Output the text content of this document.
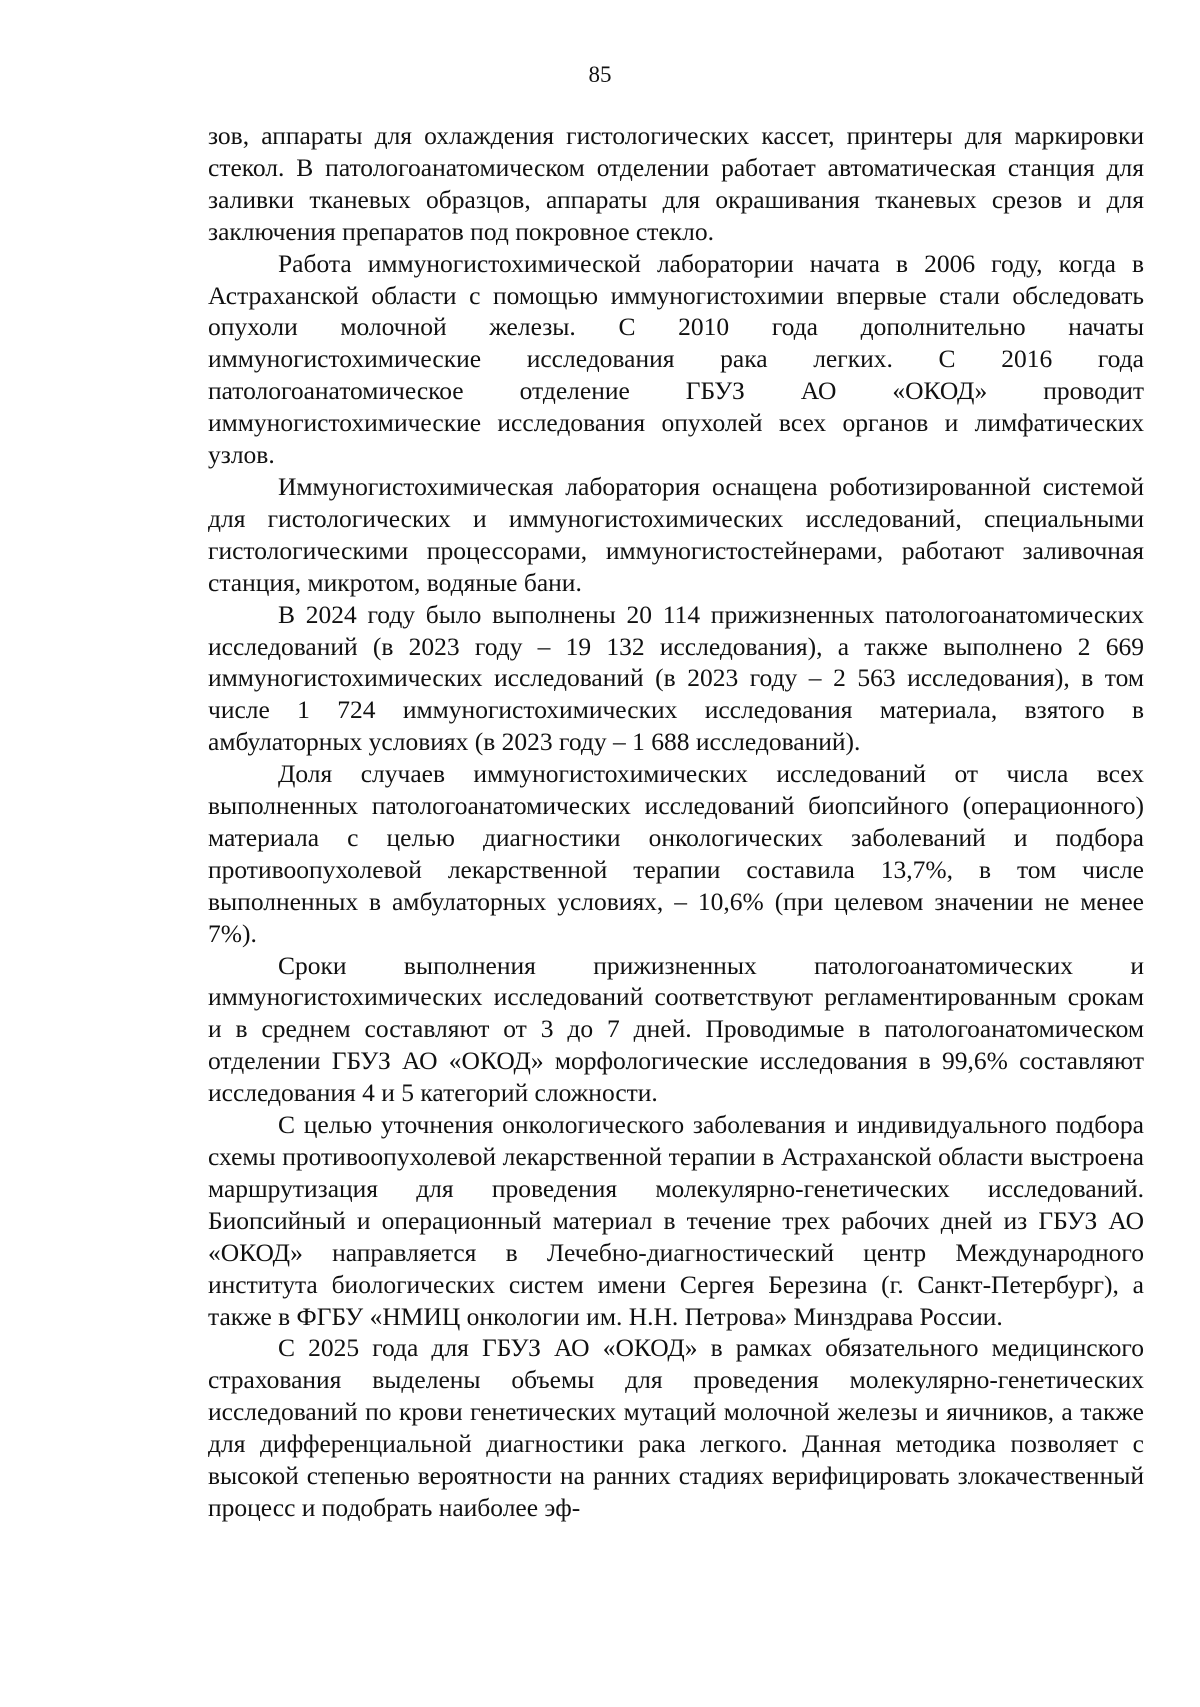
85

зов, аппараты для охлаждения гистологических кассет, принтеры для маркировки стекол. В патологоанатомическом отделении работает автоматическая станция для заливки тканевых образцов, аппараты для окрашивания тканевых срезов и для заключения препаратов под покровное стекло.

Работа иммуногистохимической лаборатории начата в 2006 году, когда в Астраханской области с помощью иммуногистохимии впервые стали обследовать опухоли молочной железы. С 2010 года дополнительно начаты иммуногистохимические исследования рака легких. С 2016 года патологоанатомическое отделение ГБУЗ АО «ОКОД» проводит иммуногистохимические исследования опухолей всех органов и лимфатических узлов.

Иммуногистохимическая лаборатория оснащена роботизированной системой для гистологических и иммуногистохимических исследований, специальными гистологическими процессорами, иммуногистостейнерами, работают заливочная станция, микротом, водяные бани.

В 2024 году было выполнены 20 114 прижизненных патологоанатомических исследований (в 2023 году – 19 132 исследования), а также выполнено 2 669 иммуногистохимических исследований (в 2023 году – 2 563 исследования), в том числе 1 724 иммуногистохимических исследования материала, взятого в амбулаторных условиях (в 2023 году – 1 688 исследований).

Доля случаев иммуногистохимических исследований от числа всех выполненных патологоанатомических исследований биопсийного (операционного) материала с целью диагностики онкологических заболеваний и подбора противоопухолевой лекарственной терапии составила 13,7%, в том числе выполненных в амбулаторных условиях, – 10,6% (при целевом значении не менее 7%).

Сроки выполнения прижизненных патологоанатомических и иммуногистохимических исследований соответствуют регламентированным срокам и в среднем составляют от 3 до 7 дней. Проводимые в патологоанатомическом отделении ГБУЗ АО «ОКОД» морфологические исследования в 99,6% составляют исследования 4 и 5 категорий сложности.

С целью уточнения онкологического заболевания и индивидуального подбора схемы противоопухолевой лекарственной терапии в Астраханской области выстроена маршрутизация для проведения молекулярно-генетических исследований. Биопсийный и операционный материал в течение трех рабочих дней из ГБУЗ АО «ОКОД» направляется в Лечебно-диагностический центр Международного института биологических систем имени Сергея Березина (г. Санкт-Петербург), а также в ФГБУ «НМИЦ онкологии им. Н.Н. Петрова» Минздрава России.

С 2025 года для ГБУЗ АО «ОКОД» в рамках обязательного медицинского страхования выделены объемы для проведения молекулярно-генетических исследований по крови генетических мутаций молочной железы и яичников, а также для дифференциальной диагностики рака легкого. Данная методика позволяет с высокой степенью вероятности на ранних стадиях верифицировать злокачественный процесс и подобрать наиболее эф-
